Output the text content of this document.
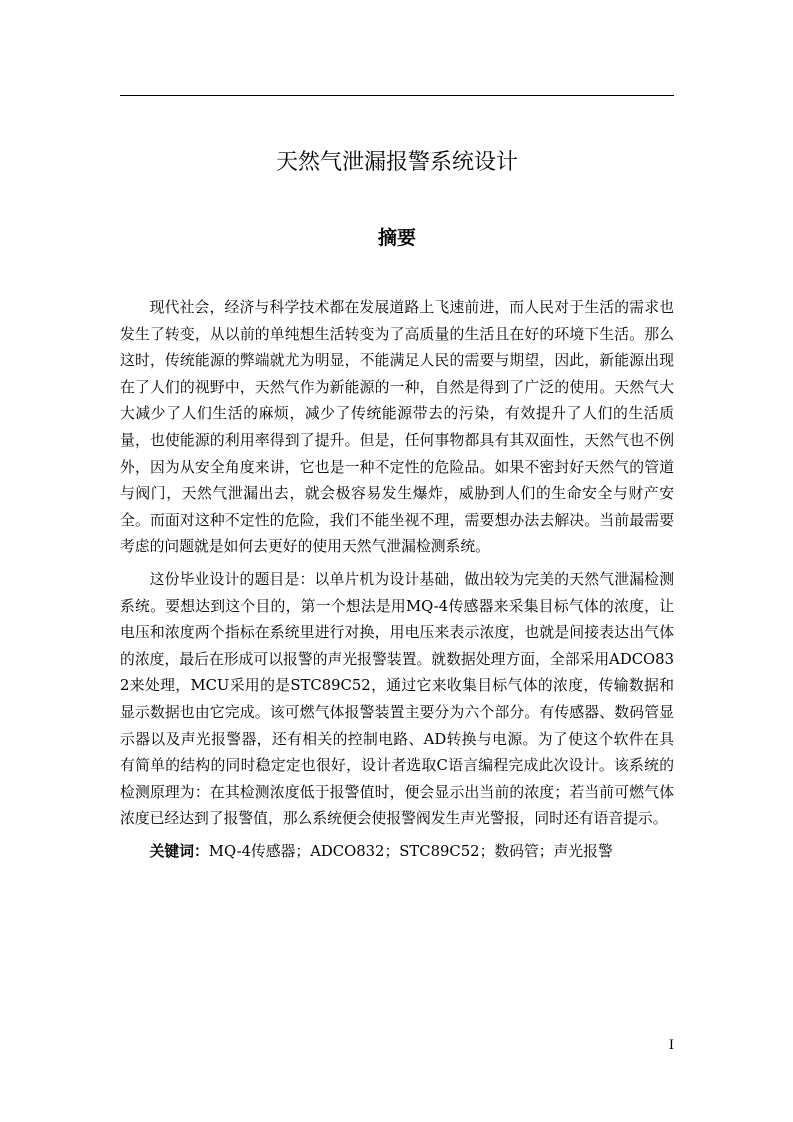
天然气泄漏报警系统设计
摘要

现代社会，经济与科学技术都在发展道路上飞速前进，而人民对于生活的需求也发生了转变，从以前的单纯想生活转变为了高质量的生活且在好的环境下生活。那么这时，传统能源的弊端就尤为明显，不能满足人民的需要与期望，因此，新能源出现在了人们的视野中，天然气作为新能源的一种，自然是得到了广泛的使用。天然气大大减少了人们生活的麻烦，减少了传统能源带去的污染，有效提升了人们的生活质量，也使能源的利用率得到了提升。但是，任何事物都具有其双面性，天然气也不例外，因为从安全角度来讲，它也是一种不定性的危险品。如果不密封好天然气的管道与阀门，天然气泄漏出去，就会极容易发生爆炸，威胁到人们的生命安全与财产安全。而面对这种不定性的危险，我们不能坐视不理，需要想办法去解决。当前最需要考虑的问题就是如何去更好的使用天然气泄漏检测系统。

这份毕业设计的题目是：以单片机为设计基础，做出较为完美的天然气泄漏检测系统。要想达到这个目的，第一个想法是用MQ-4传感器来采集目标气体的浓度，让电压和浓度两个指标在系统里进行对换，用电压来表示浓度，也就是间接表达出气体的浓度，最后在形成可以报警的声光报警装置。就数据处理方面，全部采用ADCO832来处理，MCU采用的是STC89C52，通过它来收集目标气体的浓度，传输数据和显示数据也由它完成。该可燃气体报警装置主要分为六个部分。有传感器、数码管显示器以及声光报警器，还有相关的控制电路、AD转换与电源。为了使这个软件在具有简单的结构的同时稳定定也很好，设计者选取C语言编程完成此次设计。该系统的检测原理为：在其检测浓度低于报警值时，便会显示出当前的浓度；若当前可燃气体浓度已经达到了报警值，那么系统便会使报警阀发生声光警报，同时还有语音提示。

关键词：MQ-4传感器；ADCO832；STC89C52；数码管；声光报警

I
